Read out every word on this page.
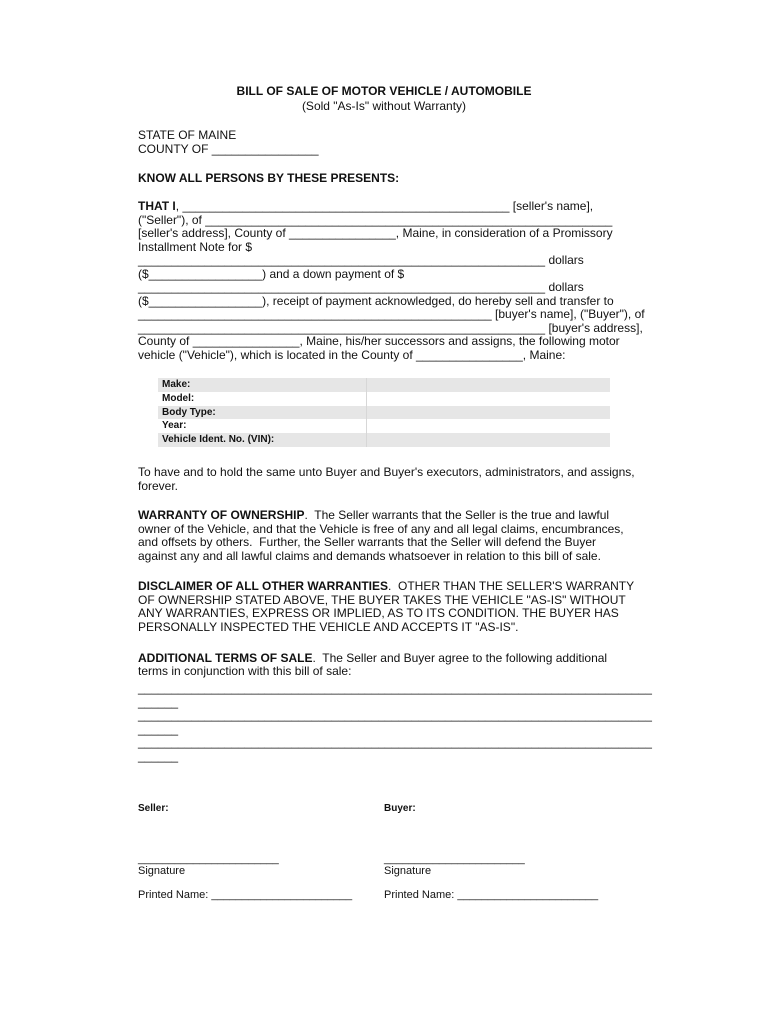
BILL OF SALE OF MOTOR VEHICLE / AUTOMOBILE
(Sold "As-Is" without Warranty)
STATE OF MAINE
COUNTY OF ________________
KNOW ALL PERSONS BY THESE PRESENTS:
THAT I, _________________________________________________ [seller's name],
("Seller"), of _____________________________________________________________
[seller's address], County of ________________, Maine, in consideration of a Promissory
Installment Note for $
_____________________________________________________________ dollars
($_________________) and a down payment of $
_____________________________________________________________ dollars
($_________________), receipt of payment acknowledged, do hereby sell and transfer to
_____________________________________________________ [buyer's name], ("Buyer"), of
_____________________________________________________________ [buyer's address],
County of ________________, Maine, his/her successors and assigns, the following motor
vehicle ("Vehicle"), which is located in the County of ________________, Maine:
Make:
Model:
Body Type:
Year:
Vehicle Ident. No. (VIN):
To have and to hold the same unto Buyer and Buyer's executors, administrators, and assigns,
forever.
WARRANTY OF OWNERSHIP.  The Seller warrants that the Seller is the true and lawful
owner of the Vehicle, and that the Vehicle is free of any and all legal claims, encumbrances,
and offsets by others.  Further, the Seller warrants that the Seller will defend the Buyer
against any and all lawful claims and demands whatsoever in relation to this bill of sale.
DISCLAIMER OF ALL OTHER WARRANTIES.  OTHER THAN THE SELLER'S WARRANTY
OF OWNERSHIP STATED ABOVE, THE BUYER TAKES THE VEHICLE "AS-IS" WITHOUT
ANY WARRANTIES, EXPRESS OR IMPLIED, AS TO ITS CONDITION. THE BUYER HAS
PERSONALLY INSPECTED THE VEHICLE AND ACCEPTS IT "AS-IS".
ADDITIONAL TERMS OF SALE.  The Seller and Buyer agree to the following additional
terms in conjunction with this bill of sale:
_____________________________________________________________________________
______
_____________________________________________________________________________
______
_____________________________________________________________________________
______
Seller:	Buyer:
_______________________	_______________________
Signature	Signature
Printed Name: _______________________	Printed Name: _______________________
